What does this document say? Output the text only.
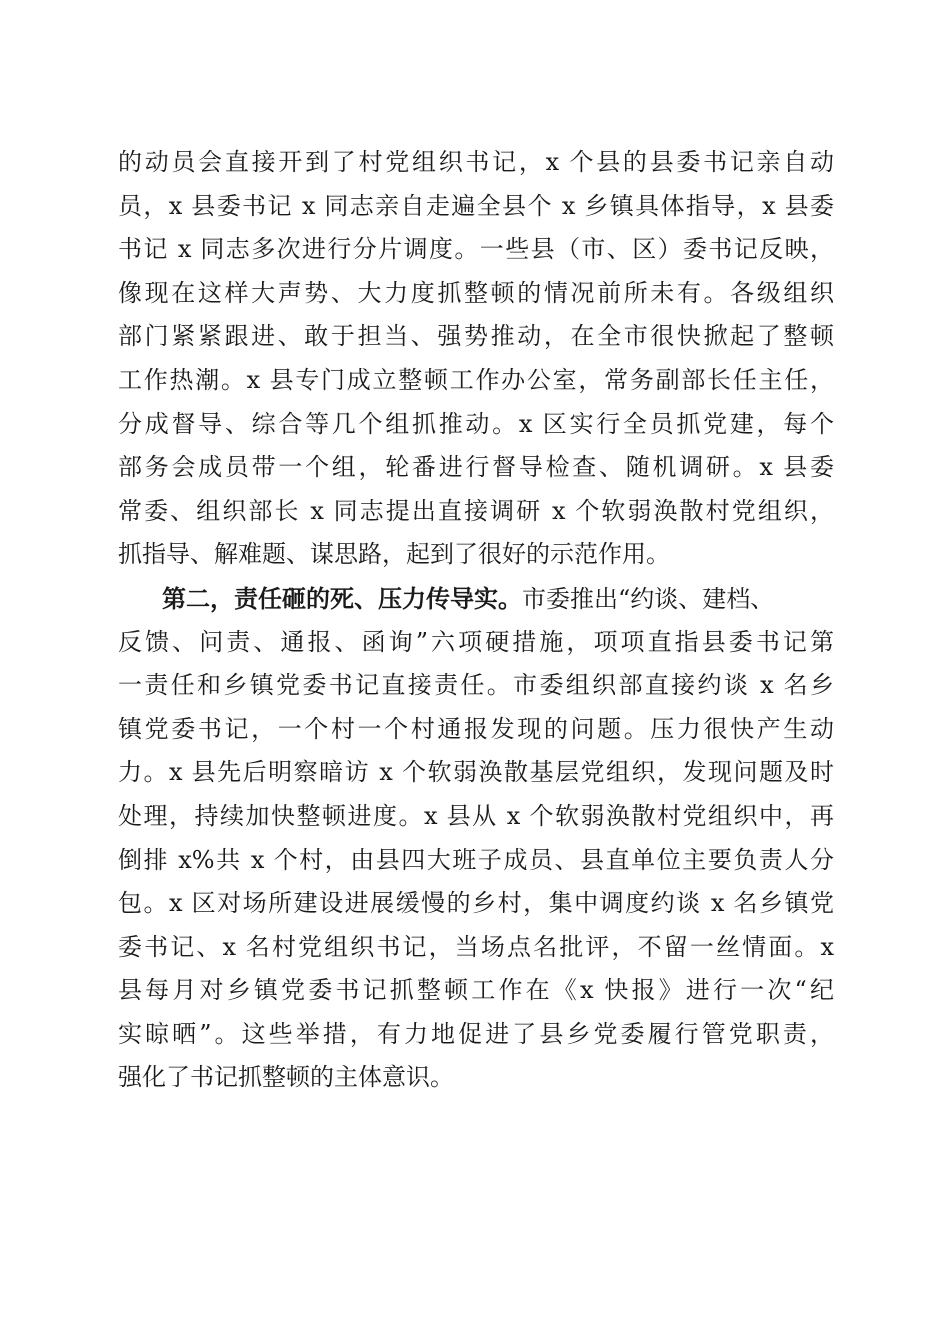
的动员会直接开到了村党组织书记，x 个县的县委书记亲自动
员，x 县委书记 x 同志亲自走遍全县个 x 乡镇具体指导，x 县委
书记 x 同志多次进行分片调度。一些县（市、区）委书记反映，
像现在这样大声势、大力度抓整顿的情况前所未有。各级组织
部门紧紧跟进、敢于担当、强势推动，在全市很快掀起了整顿
工作热潮。x 县专门成立整顿工作办公室，常务副部长任主任，
分成督导、综合等几个组抓推动。x 区实行全员抓党建，每个
部务会成员带一个组，轮番进行督导检查、随机调研。x 县委
常委、组织部长 x 同志提出直接调研 x 个软弱涣散村党组织，
抓指导、解难题、谋思路，起到了很好的示范作用。
第二，责任砸的死、压力传导实。市委推出“约谈、建档、
反馈、问责、通报、函询”六项硬措施，项项直指县委书记第
一责任和乡镇党委书记直接责任。市委组织部直接约谈 x 名乡
镇党委书记，一个村一个村通报发现的问题。压力很快产生动
力。x 县先后明察暗访 x 个软弱涣散基层党组织，发现问题及时
处理，持续加快整顿进度。x 县从 x 个软弱涣散村党组织中，再
倒排 x%共 x 个村，由县四大班子成员、县直单位主要负责人分
包。x 区对场所建设进展缓慢的乡村，集中调度约谈 x 名乡镇党
委书记、x 名村党组织书记，当场点名批评，不留一丝情面。x
县每月对乡镇党委书记抓整顿工作在《x 快报》进行一次“纪
实晾晒”。这些举措，有力地促进了县乡党委履行管党职责，
强化了书记抓整顿的主体意识。
